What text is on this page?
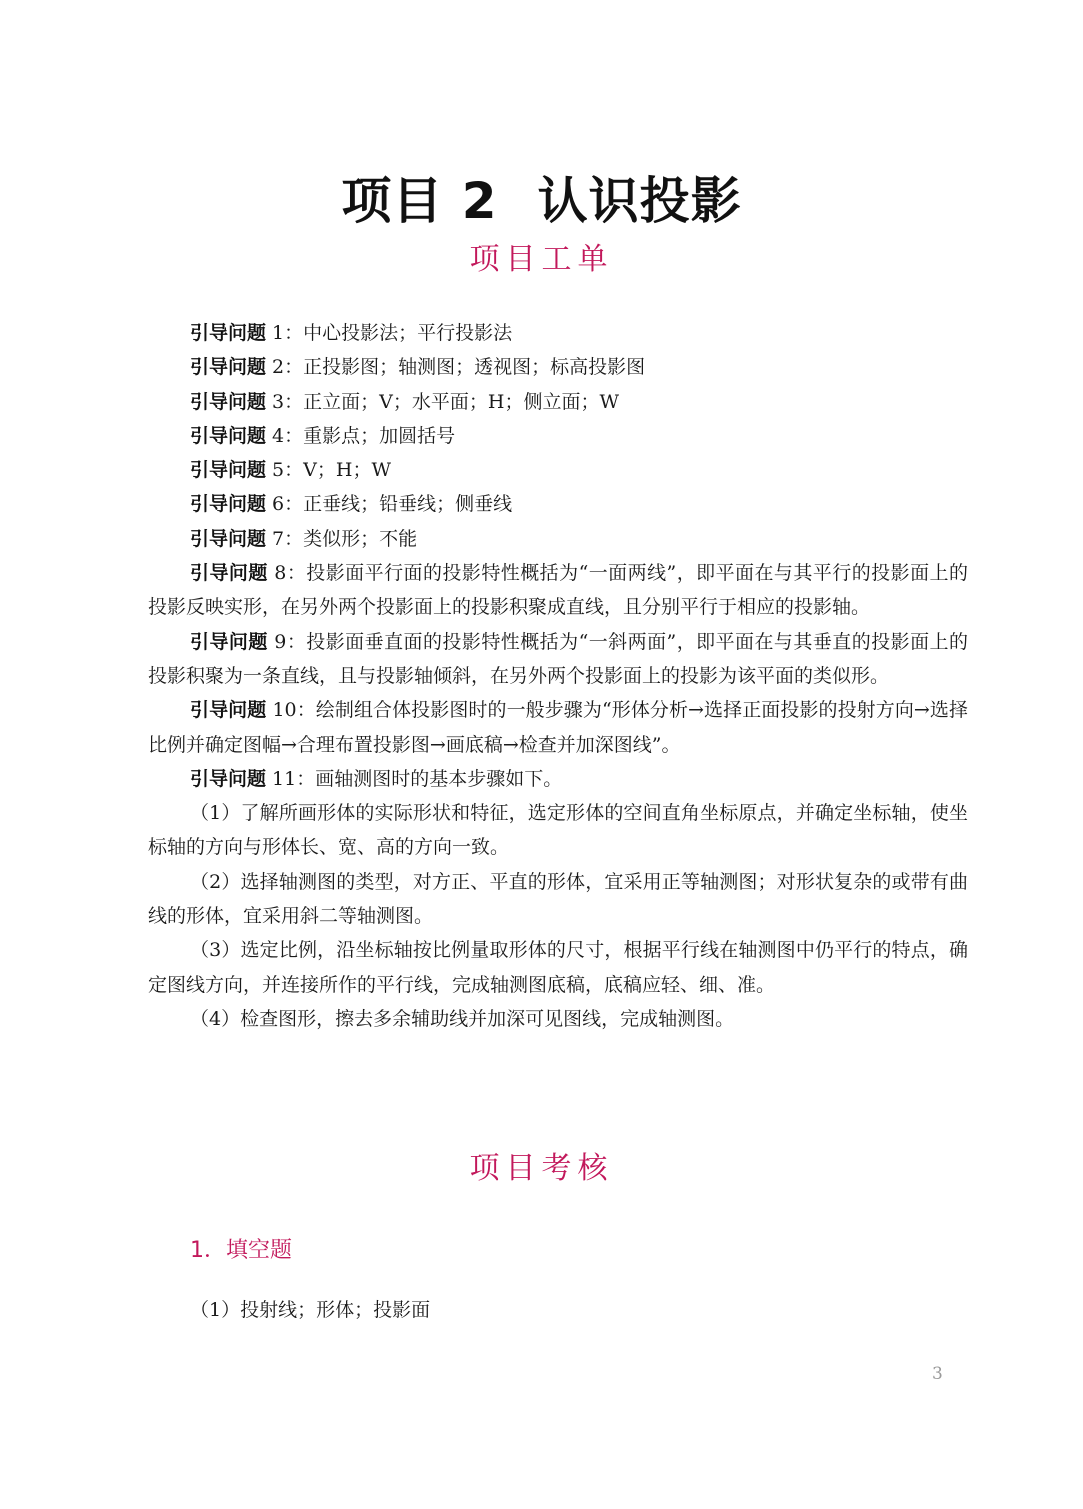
项目 2 认识投影
项目工单
引导问题 1：中心投影法；平行投影法
引导问题 2：正投影图；轴测图；透视图；标高投影图
引导问题 3：正立面；V；水平面；H；侧立面；W
引导问题 4：重影点；加圆括号
引导问题 5：V；H；W
引导问题 6：正垂线；铅垂线；侧垂线
引导问题 7：类似形；不能
引导问题 8：投影面平行面的投影特性概括为“一面两线”，即平面在与其平行的投影面上的投影反映实形，在另外两个投影面上的投影积聚成直线，且分别平行于相应的投影轴。
引导问题 9：投影面垂直面的投影特性概括为“一斜两面”，即平面在与其垂直的投影面上的投影积聚为一条直线，且与投影轴倾斜，在另外两个投影面上的投影为该平面的类似形。
引导问题 10：绘制组合体投影图时的一般步骤为“形体分析→选择正面投影的投射方向→选择比例并确定图幅→合理布置投影图→画底稿→检查并加深图线”。
引导问题 11：画轴测图时的基本步骤如下。
（1）了解所画形体的实际形状和特征，选定形体的空间直角坐标原点，并确定坐标轴，使坐标轴的方向与形体长、宽、高的方向一致。
（2）选择轴测图的类型，对方正、平直的形体，宜采用正等轴测图；对形状复杂的或带有曲线的形体，宜采用斜二等轴测图。
（3）选定比例，沿坐标轴按比例量取形体的尺寸，根据平行线在轴测图中仍平行的特点，确定图线方向，并连接所作的平行线，完成轴测图底稿，底稿应轻、细、准。
（4）检查图形，擦去多余辅助线并加深可见图线，完成轴测图。
项目考核
1．填空题
（1）投射线；形体；投影面
3
